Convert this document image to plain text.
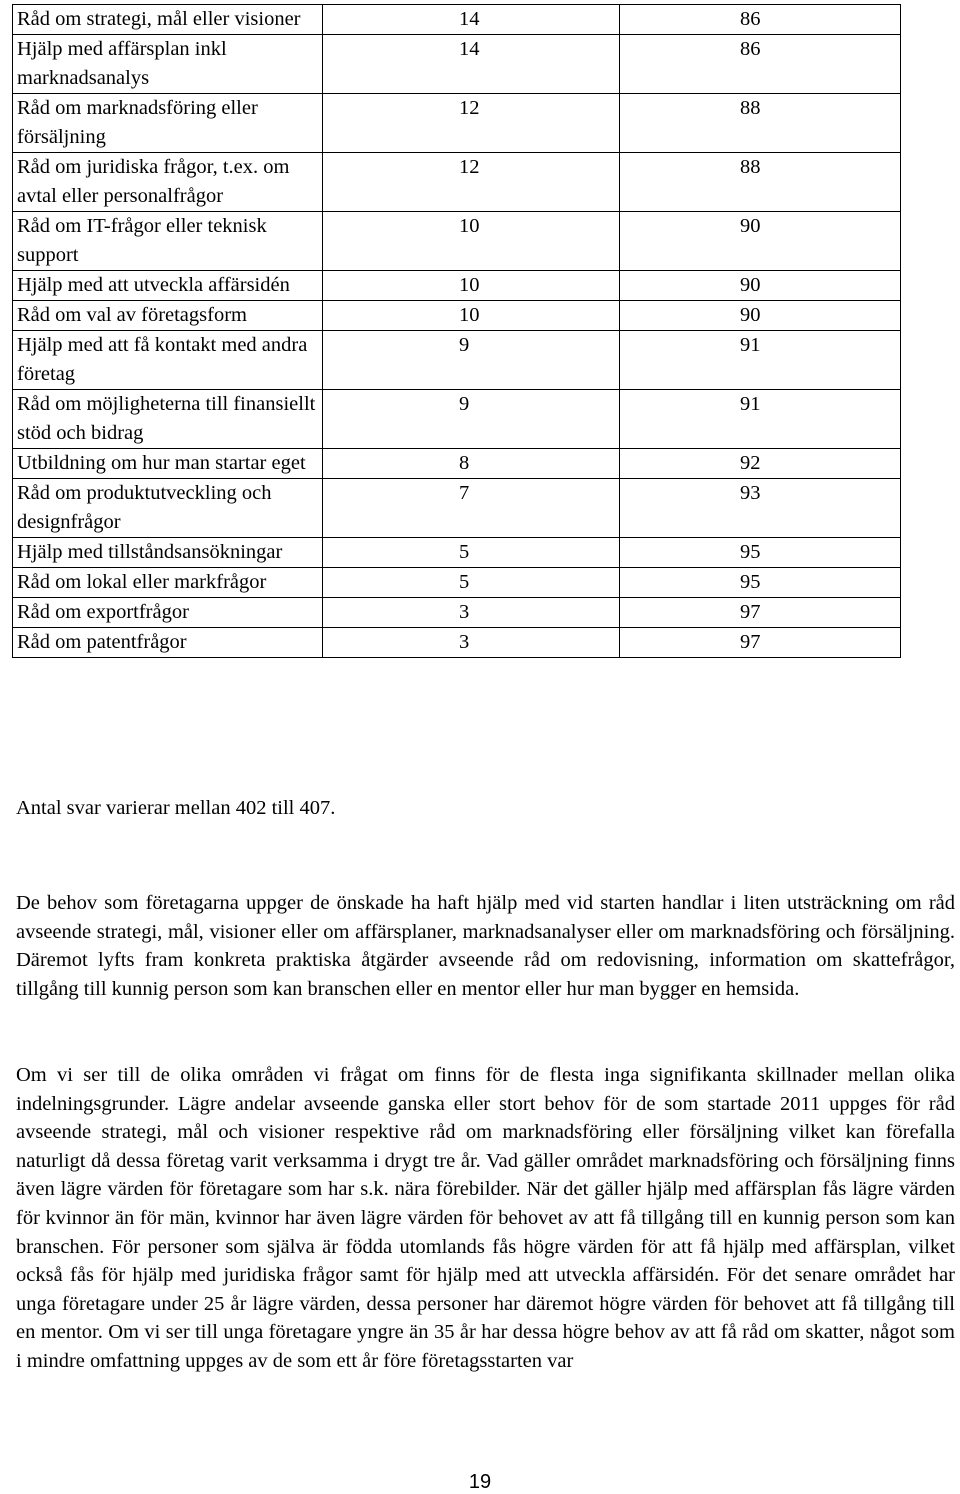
Råd om strategi, mål eller visioner	14	86
Hjälp med affärsplan inkl marknadsanalys	14	86
Råd om marknadsföring eller försäljning	12	88
Råd om juridiska frågor, t.ex. om avtal eller personalfrågor	12	88
Råd om IT-frågor eller teknisk support	10	90
Hjälp med att utveckla affärsidén	10	90
Råd om val av företagsform	10	90
Hjälp med att få kontakt med andra företag	9	91
Råd om möjligheterna till finansiellt stöd och bidrag	9	91
Utbildning om hur man startar eget	8	92
Råd om produktutveckling och designfrågor	7	93
Hjälp med tillståndsansökningar	5	95
Råd om lokal eller markfrågor	5	95
Råd om exportfrågor	3	97
Råd om patentfrågor	3	97
Antal svar varierar mellan 402 till 407.

De behov som företagarna uppger de önskade ha haft hjälp med vid starten handlar i liten utsträckning om råd avseende strategi, mål, visioner eller om affärsplaner, marknadsanalyser eller om marknadsföring och försäljning. Däremot lyfts fram konkreta praktiska åtgärder avseende råd om redovisning, information om skattefrågor, tillgång till kunnig person som kan branschen eller en mentor eller hur man bygger en hemsida.

Om vi ser till de olika områden vi frågat om finns för de flesta inga signifikanta skillnader mellan olika indelningsgrunder. Lägre andelar avseende ganska eller stort behov för de som startade 2011 uppges för råd avseende strategi, mål och visioner respektive råd om marknadsföring eller försäljning vilket kan förefalla naturligt då dessa företag varit verksamma i drygt tre år. Vad gäller området marknadsföring och försäljning finns även lägre värden för företagare som har s.k. nära förebilder. När det gäller hjälp med affärsplan fås lägre värden för kvinnor än för män, kvinnor har även lägre värden för behovet av att få tillgång till en kunnig person som kan branschen. För personer som själva är födda utomlands fås högre värden för att få hjälp med affärsplan, vilket också fås för hjälp med juridiska frågor samt för hjälp med att utveckla affärsidén. För det senare området har unga företagare under 25 år lägre värden, dessa personer har däremot högre värden för behovet att få tillgång till en mentor. Om vi ser till unga företagare yngre än 35 år har dessa högre behov av att få råd om skatter, något som i mindre omfattning uppges av de som ett år före företagsstarten var

19
